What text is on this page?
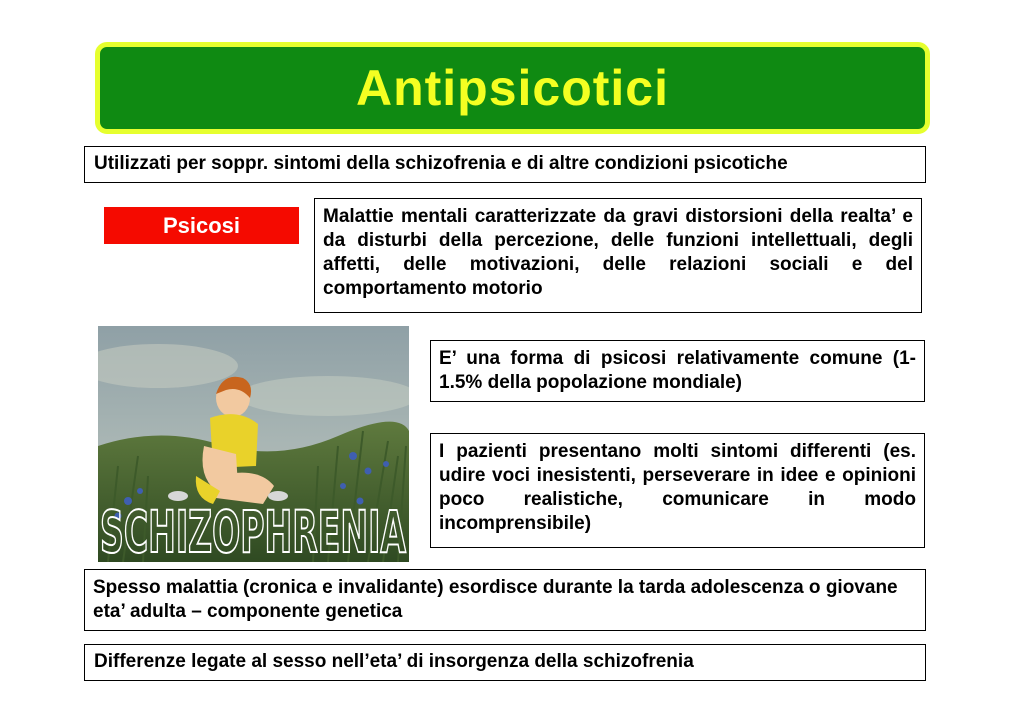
Antipsicotici
Utilizzati per soppr. sintomi della schizofrenia e di altre condizioni psicotiche
Psicosi	Malattie mentali caratterizzate da gravi distorsioni della realta’ e da disturbi della percezione, delle funzioni intellettuali, degli affetti, delle motivazioni, delle relazioni sociali e del comportamento motorio
SCHIZOPHRENIA
E’ una forma di psicosi relativamente comune (1-1.5% della popolazione mondiale)
I pazienti presentano molti sintomi differenti (es. udire voci inesistenti, perseverare in idee e opinioni poco realistiche, comunicare in modo incomprensibile)
Spesso malattia (cronica e invalidante) esordisce durante la tarda adolescenza o giovane eta’ adulta – componente genetica
Differenze legate al sesso nell’eta’ di insorgenza della schizofrenia
